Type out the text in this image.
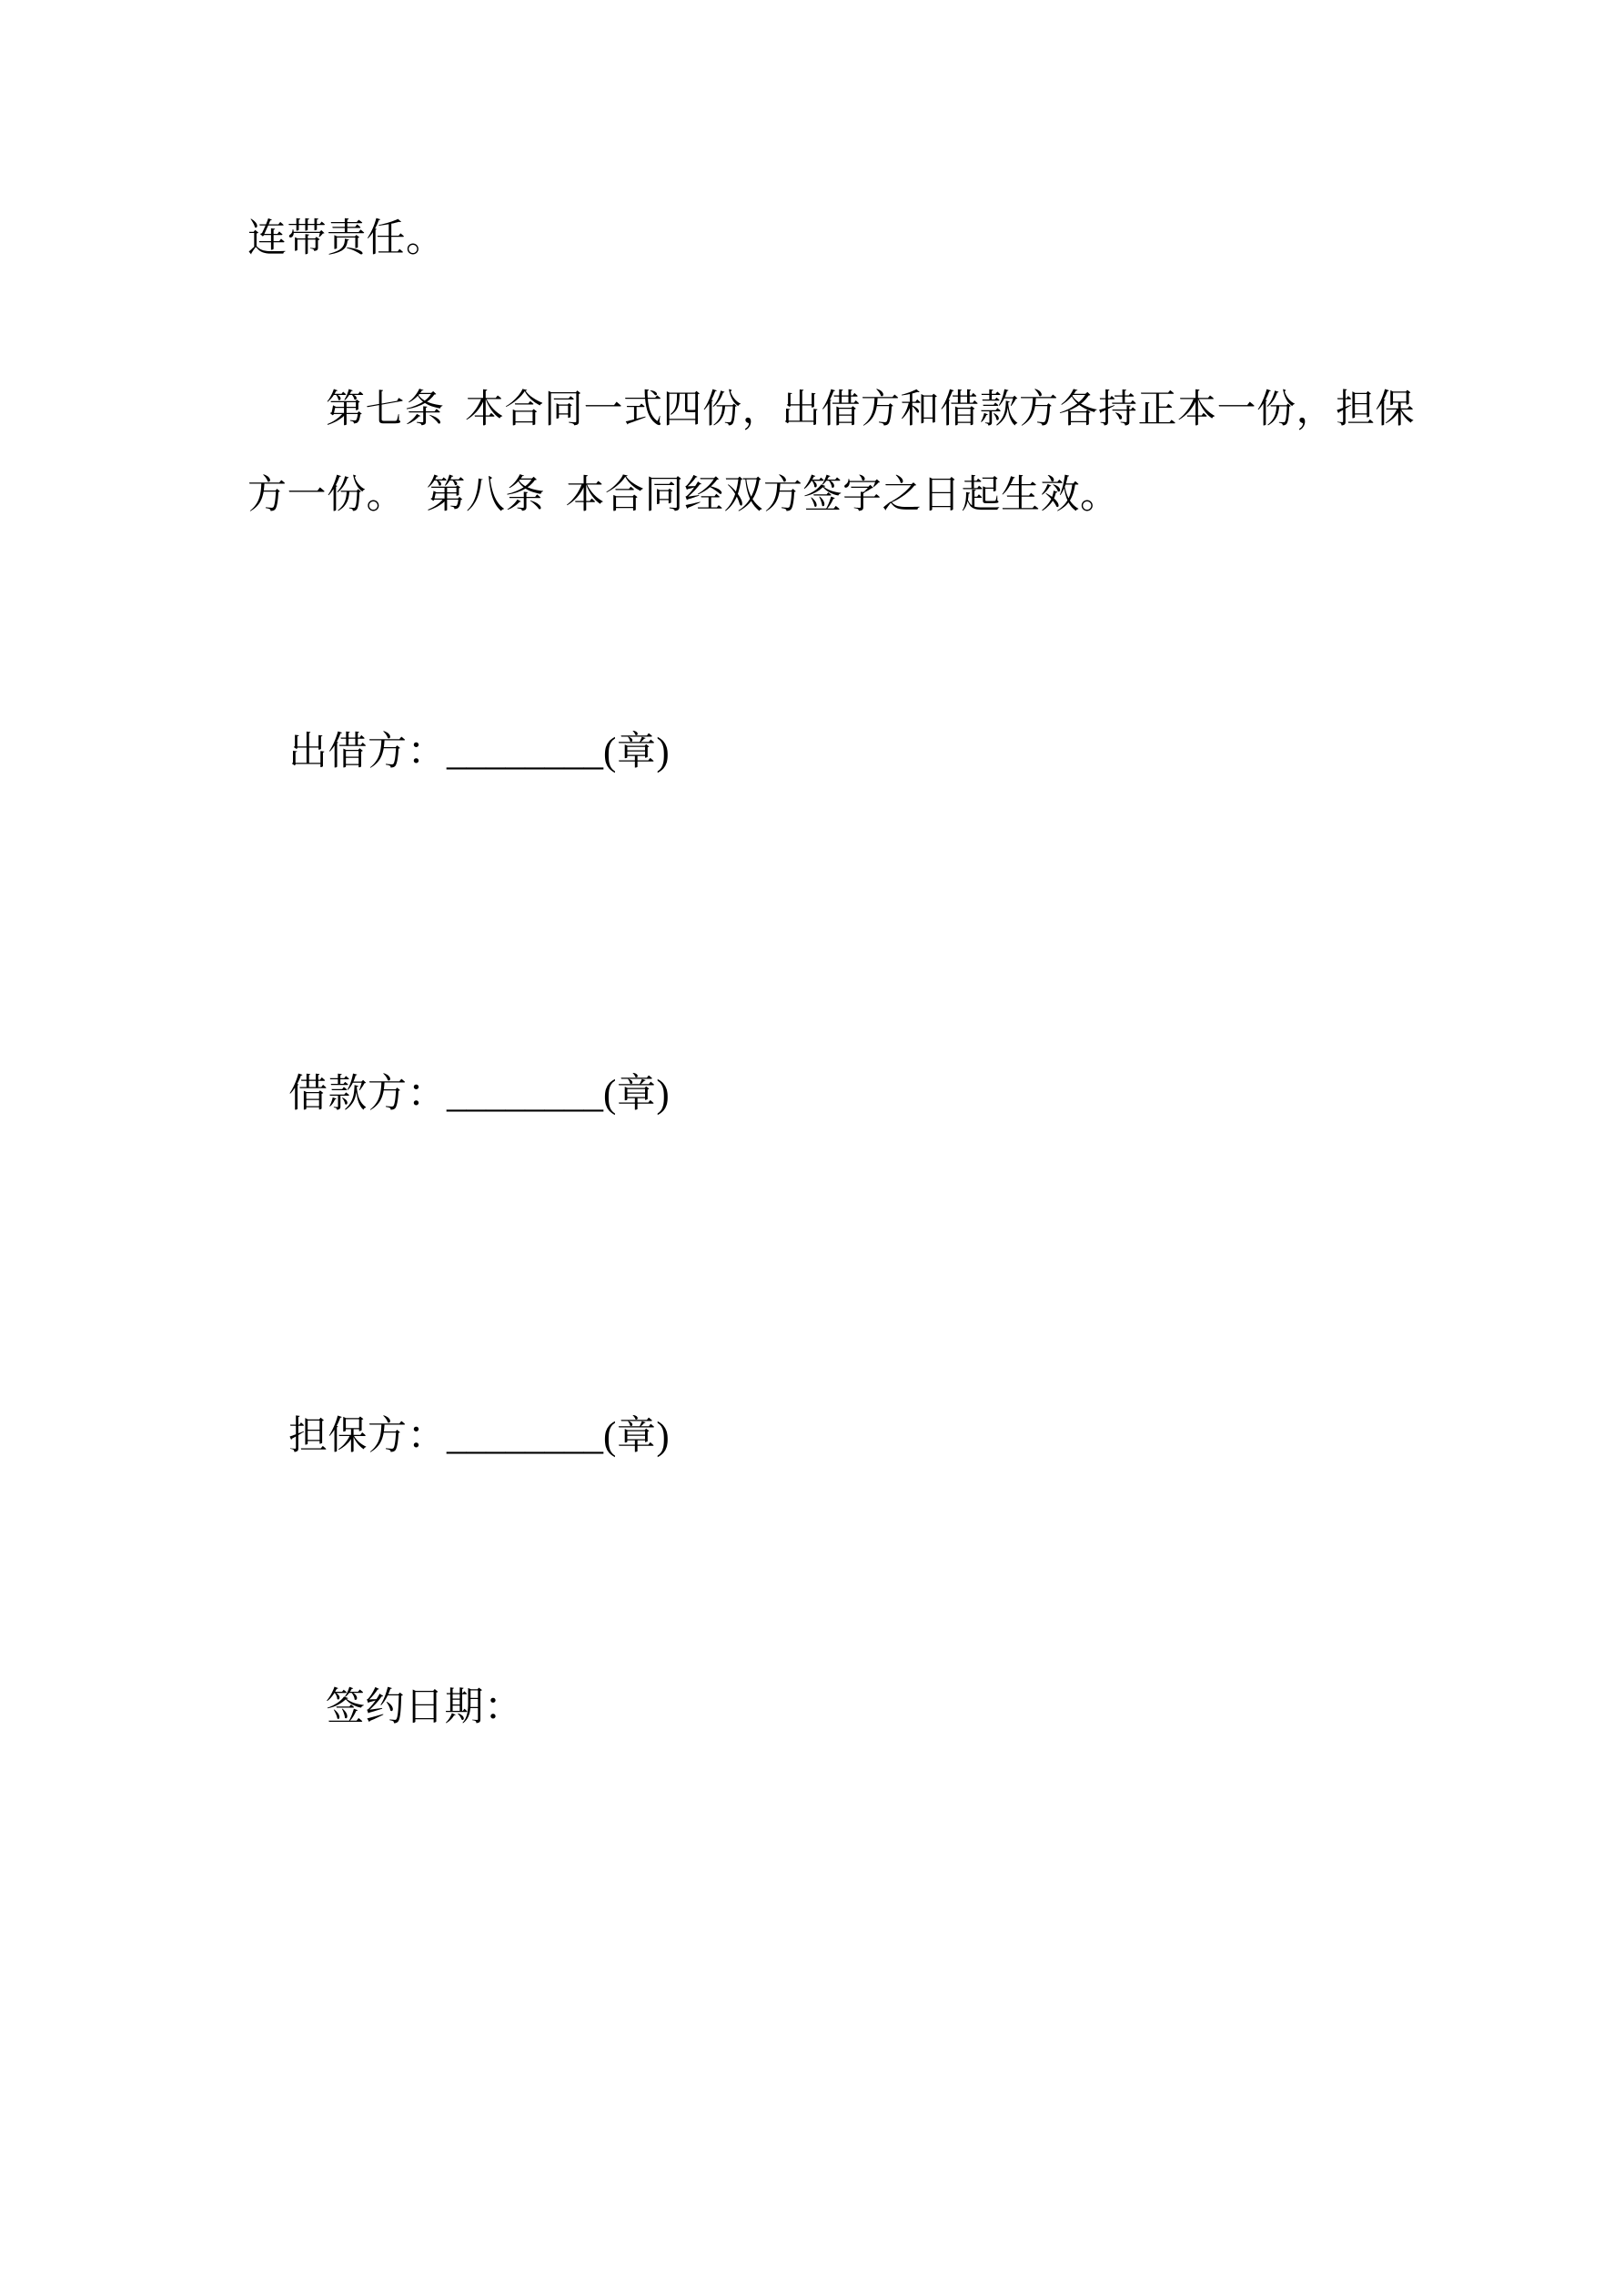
连带责任。

第七条  本合同一式四份，出借方和借款方各持正本一份，担保

方一份。  第八条  本合同经双方签字之日起生效。

出借方：________(章)

借款方：________(章)

担保方：________(章)

签约日期：
